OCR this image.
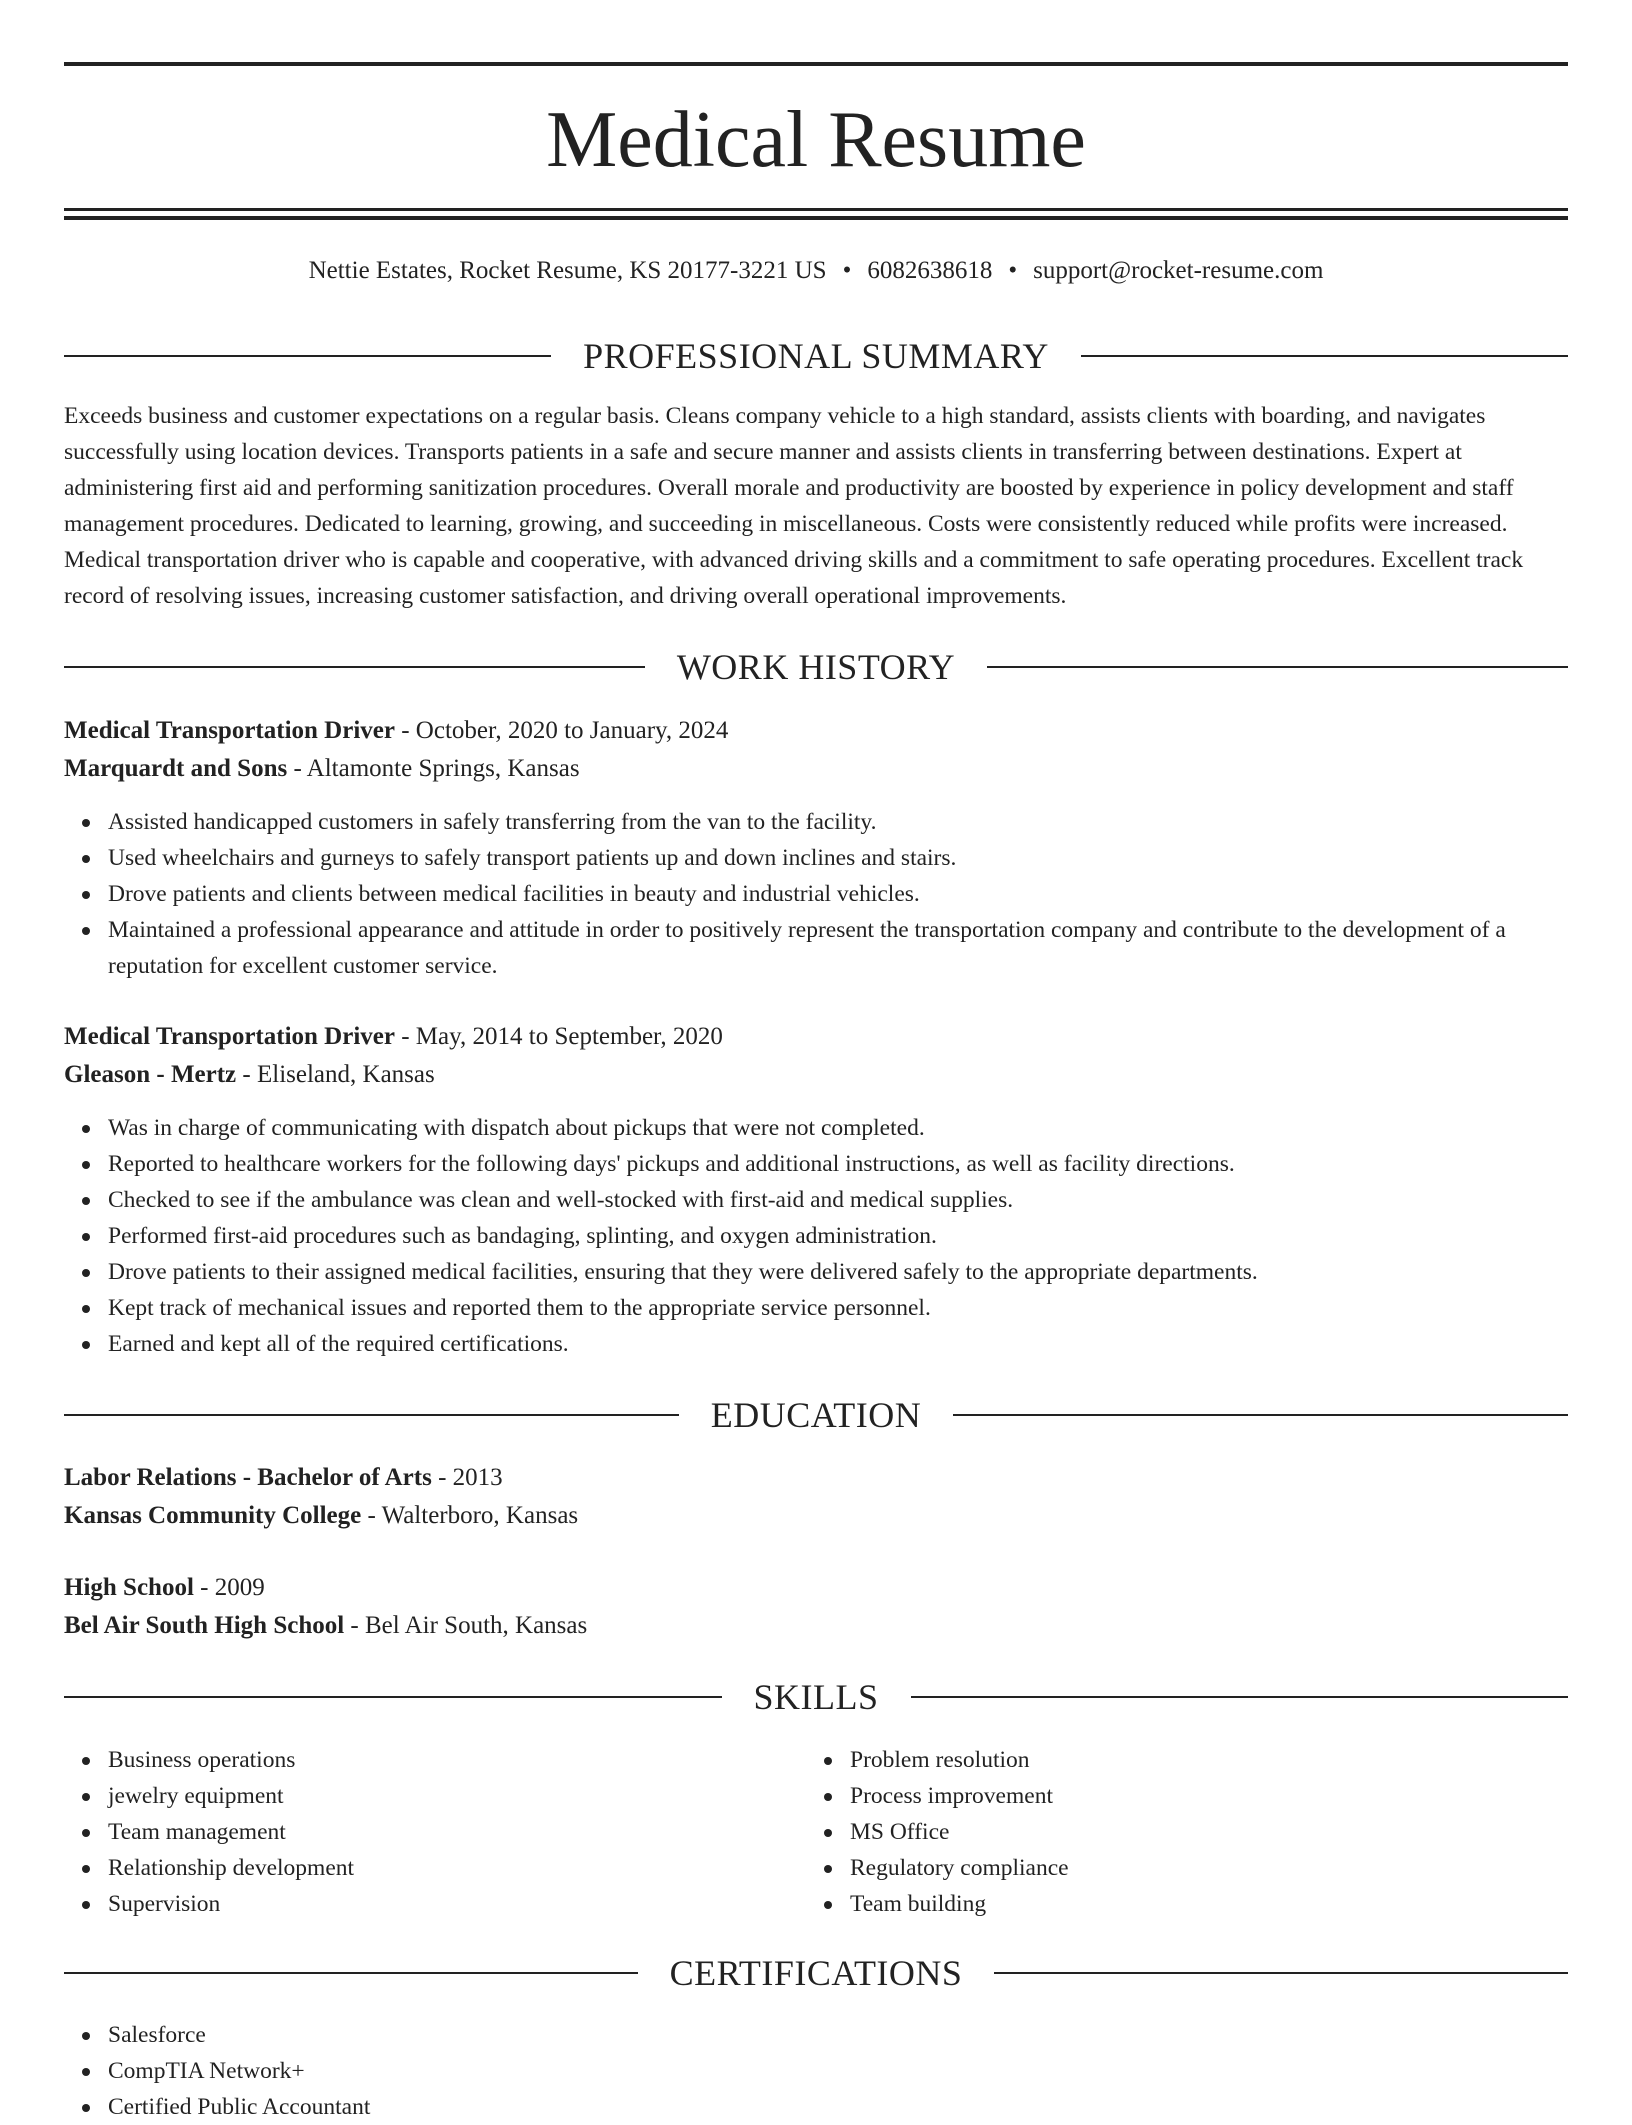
Medical Resume
Nettie Estates, Rocket Resume, KS 20177-3221 US • 6082638618 • support@rocket-resume.com
PROFESSIONAL SUMMARY

Exceeds business and customer expectations on a regular basis. Cleans company vehicle to a high standard, assists clients with boarding, and navigates successfully using location devices. Transports patients in a safe and secure manner and assists clients in transferring between destinations. Expert at administering first aid and performing sanitization procedures. Overall morale and productivity are boosted by experience in policy development and staff management procedures. Dedicated to learning, growing, and succeeding in miscellaneous. Costs were consistently reduced while profits were increased. Medical transportation driver who is capable and cooperative, with advanced driving skills and a commitment to safe operating procedures. Excellent track record of resolving issues, increasing customer satisfaction, and driving overall operational improvements.

WORK HISTORY
Medical Transportation Driver - October, 2020 to January, 2024
Marquardt and Sons - Altamonte Springs, Kansas
Assisted handicapped customers in safely transferring from the van to the facility.
Used wheelchairs and gurneys to safely transport patients up and down inclines and stairs.
Drove patients and clients between medical facilities in beauty and industrial vehicles.
Maintained a professional appearance and attitude in order to positively represent the transportation company and contribute to the development of a reputation for excellent customer service.
Medical Transportation Driver - May, 2014 to September, 2020
Gleason - Mertz - Eliseland, Kansas
Was in charge of communicating with dispatch about pickups that were not completed.
Reported to healthcare workers for the following days' pickups and additional instructions, as well as facility directions.
Checked to see if the ambulance was clean and well-stocked with first-aid and medical supplies.
Performed first-aid procedures such as bandaging, splinting, and oxygen administration.
Drove patients to their assigned medical facilities, ensuring that they were delivered safely to the appropriate departments.
Kept track of mechanical issues and reported them to the appropriate service personnel.
Earned and kept all of the required certifications.
EDUCATION
Labor Relations - Bachelor of Arts - 2013
Kansas Community College - Walterboro, Kansas
High School - 2009
Bel Air South High School - Bel Air South, Kansas
SKILLS
Business operations
jewelry equipment
Team management
Relationship development
Supervision
Problem resolution
Process improvement
MS Office
Regulatory compliance
Team building
CERTIFICATIONS
Salesforce
CompTIA Network+
Certified Public Accountant
